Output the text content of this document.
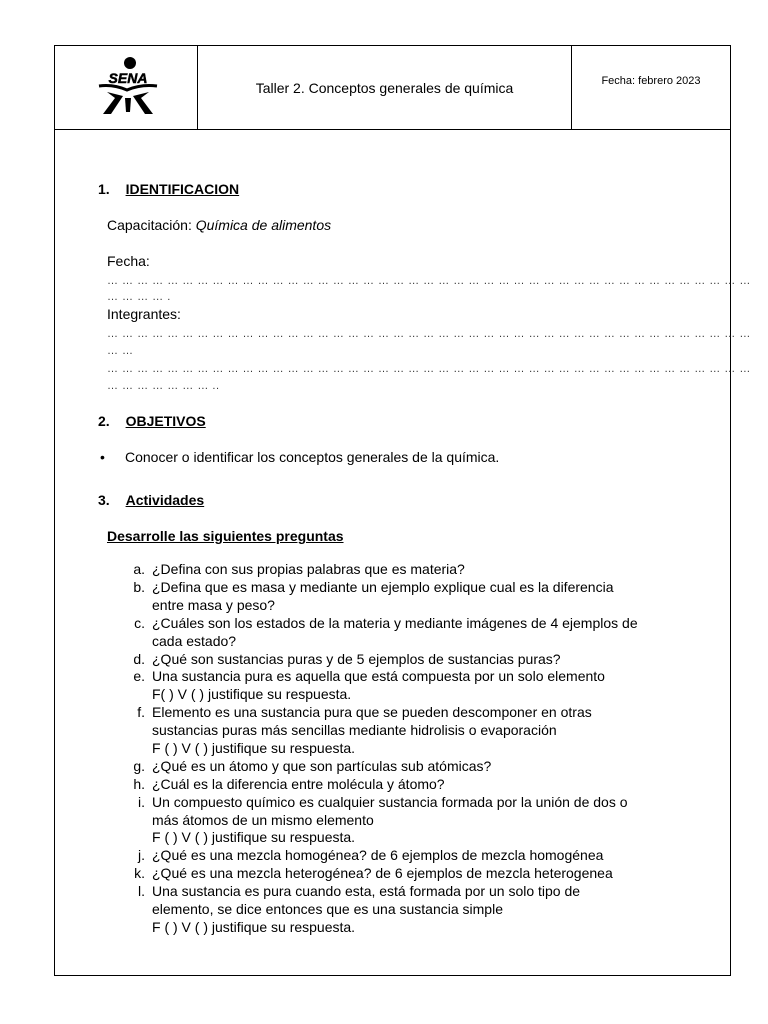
SENA
Taller 2. Conceptos generales de química	Fecha: febrero 2023
1. IDENTIFICACION
Capacitación: Química de alimentos
Fecha:
… … … … … … … … … … … … … … … … … … … … … … … … … … … … … … … … … … … … … … … … … … …
… … … … .
Integrantes:
… … … … … … … … … … … … … … … … … … … … … … … … … … … … … … … … … … … … … … … … … … …
… …
… … … … … … … … … … … … … … … … … … … … … … … … … … … … … … … … … … … … … … … … … … …
… … … … … … … ..
2. OBJETIVOS
• Conocer o identificar los conceptos generales de la química.
3. Actividades
Desarrolle las siguientes preguntas
a. ¿Defina con sus propias palabras que es materia?
b. ¿Defina que es masa y mediante un ejemplo explique cual es la diferencia
entre masa y peso?
c. ¿Cuáles son los estados de la materia y mediante imágenes de 4 ejemplos de
cada estado?
d. ¿Qué son sustancias puras y de 5 ejemplos de sustancias puras?
e. Una sustancia pura es aquella que está compuesta por un solo elemento
F( ) V ( ) justifique su respuesta.
f. Elemento es una sustancia pura que se pueden descomponer en otras
sustancias puras más sencillas mediante hidrolisis o evaporación
F ( ) V ( ) justifique su respuesta.
g. ¿Qué es un átomo y que son partículas sub atómicas?
h. ¿Cuál es la diferencia entre molécula y átomo?
i. Un compuesto químico es cualquier sustancia formada por la unión de dos o
más átomos de un mismo elemento
F ( ) V ( ) justifique su respuesta.
j. ¿Qué es una mezcla homogénea? de 6 ejemplos de mezcla homogénea
k. ¿Qué es una mezcla heterogénea? de 6 ejemplos de mezcla heterogenea
l. Una sustancia es pura cuando esta, está formada por un solo tipo de
elemento, se dice entonces que es una sustancia simple
F ( ) V ( ) justifique su respuesta.
